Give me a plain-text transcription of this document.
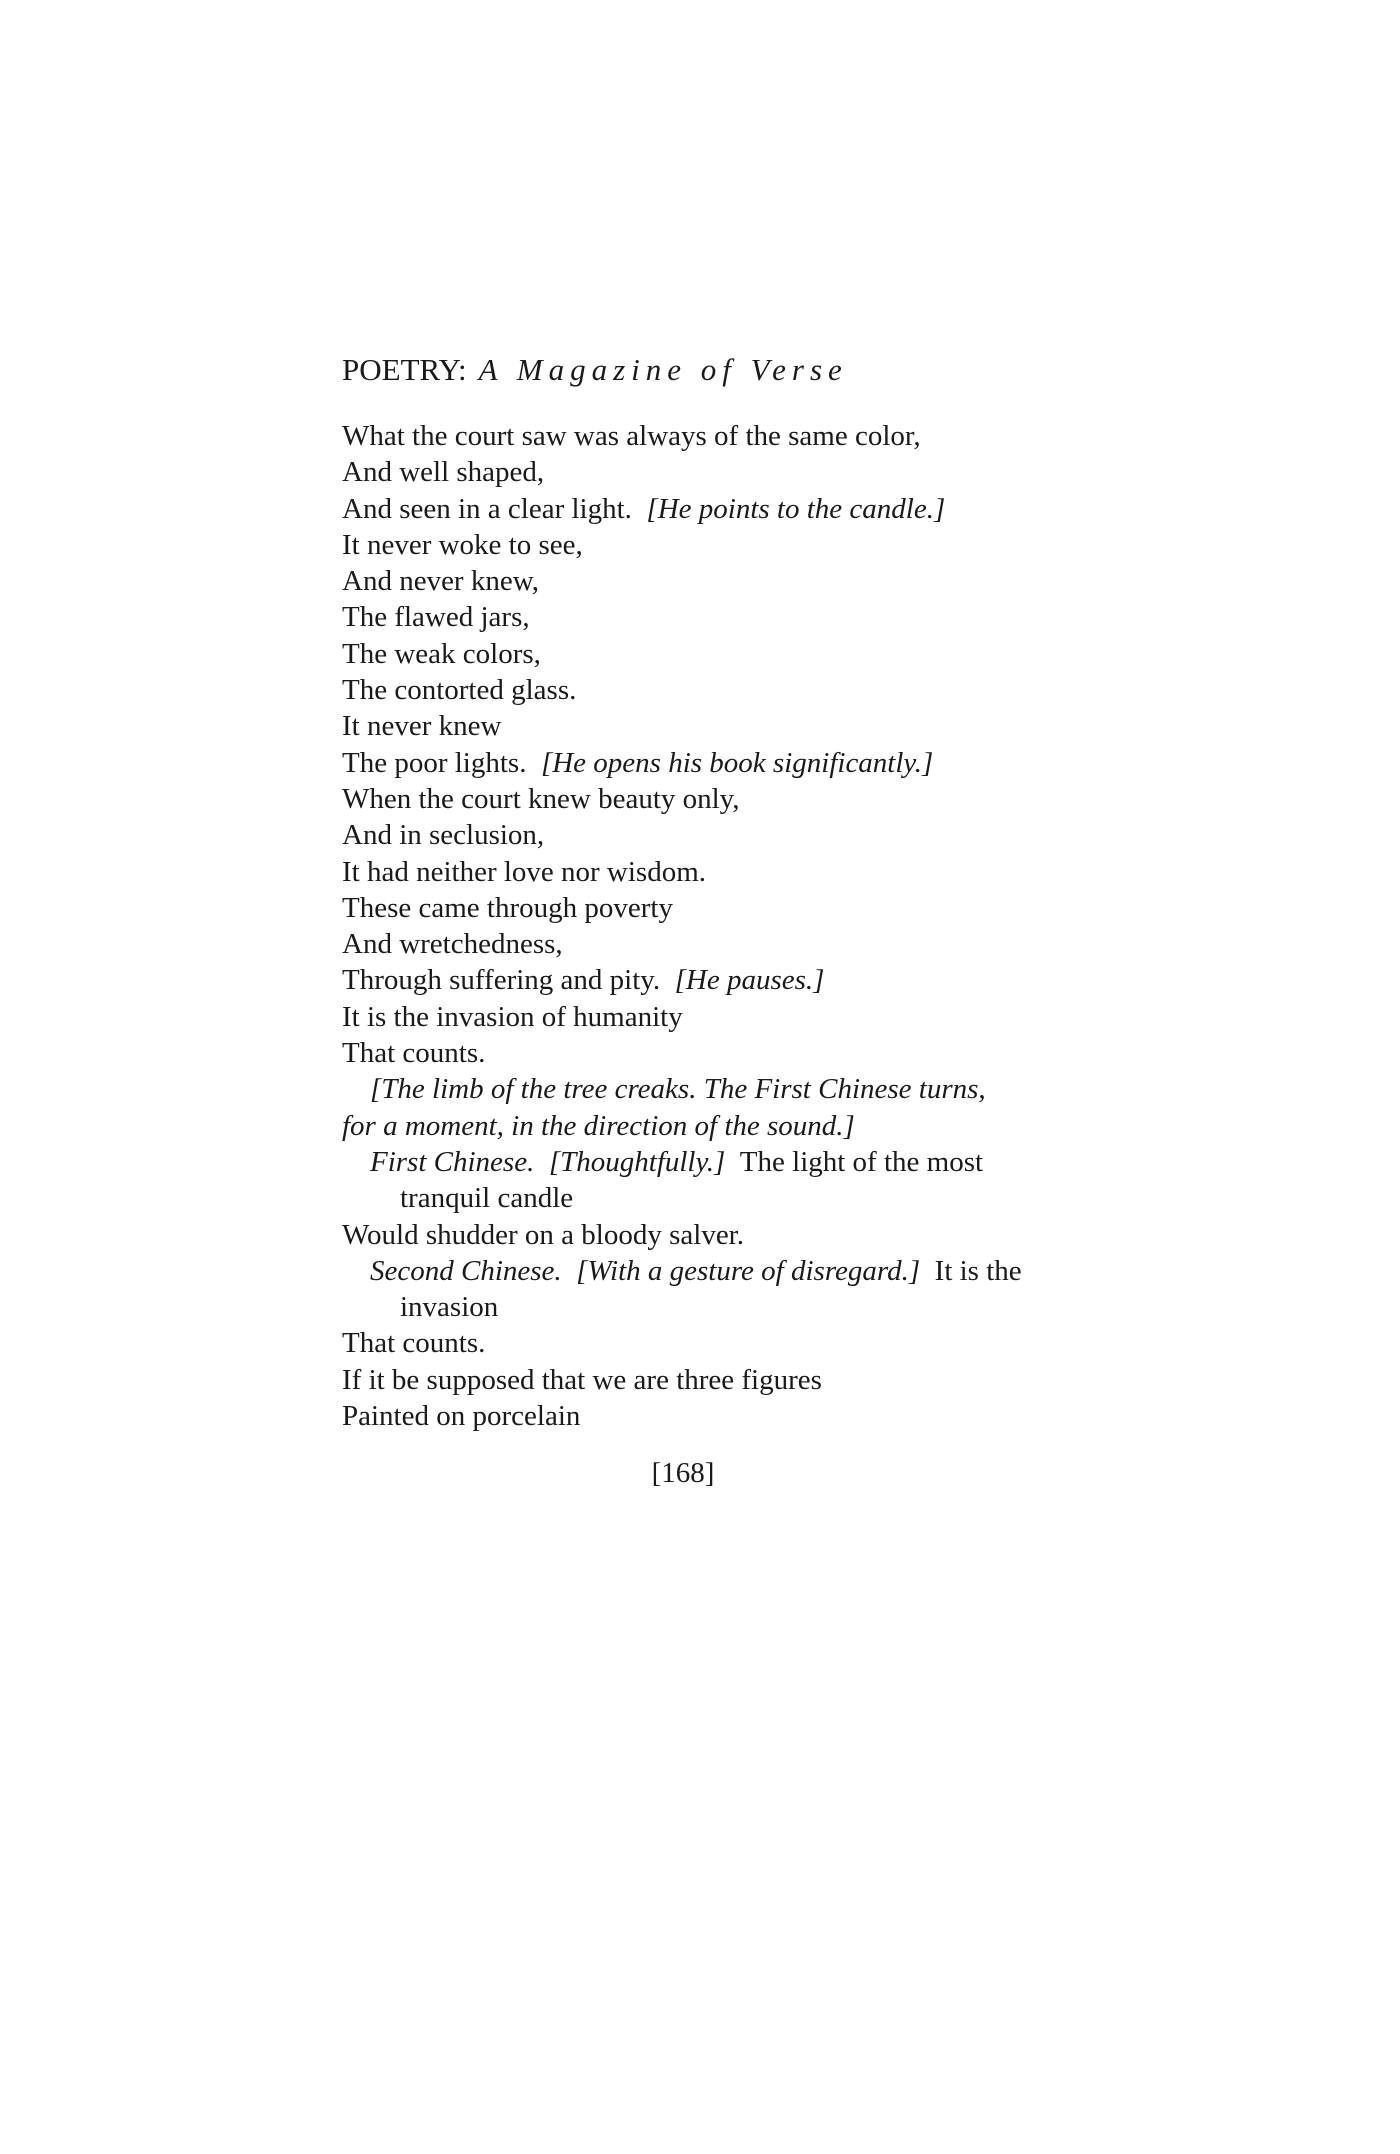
POETRY: A Magazine of Verse
What the court saw was always of the same color,
And well shaped,
And seen in a clear light. [He points to the candle.]
It never woke to see,
And never knew,
The flawed jars,
The weak colors,
The contorted glass.
It never knew
The poor lights. [He opens his book significantly.]
When the court knew beauty only,
And in seclusion,
It had neither love nor wisdom.
These came through poverty
And wretchedness,
Through suffering and pity. [He pauses.]
It is the invasion of humanity
That counts.
[The limb of the tree creaks. The First Chinese turns,
for a moment, in the direction of the sound.]
First Chinese. [Thoughtfully.] The light of the most
tranquil candle
Would shudder on a bloody salver.
Second Chinese. [With a gesture of disregard.] It is the
invasion
That counts.
If it be supposed that we are three figures
Painted on porcelain
[168]
